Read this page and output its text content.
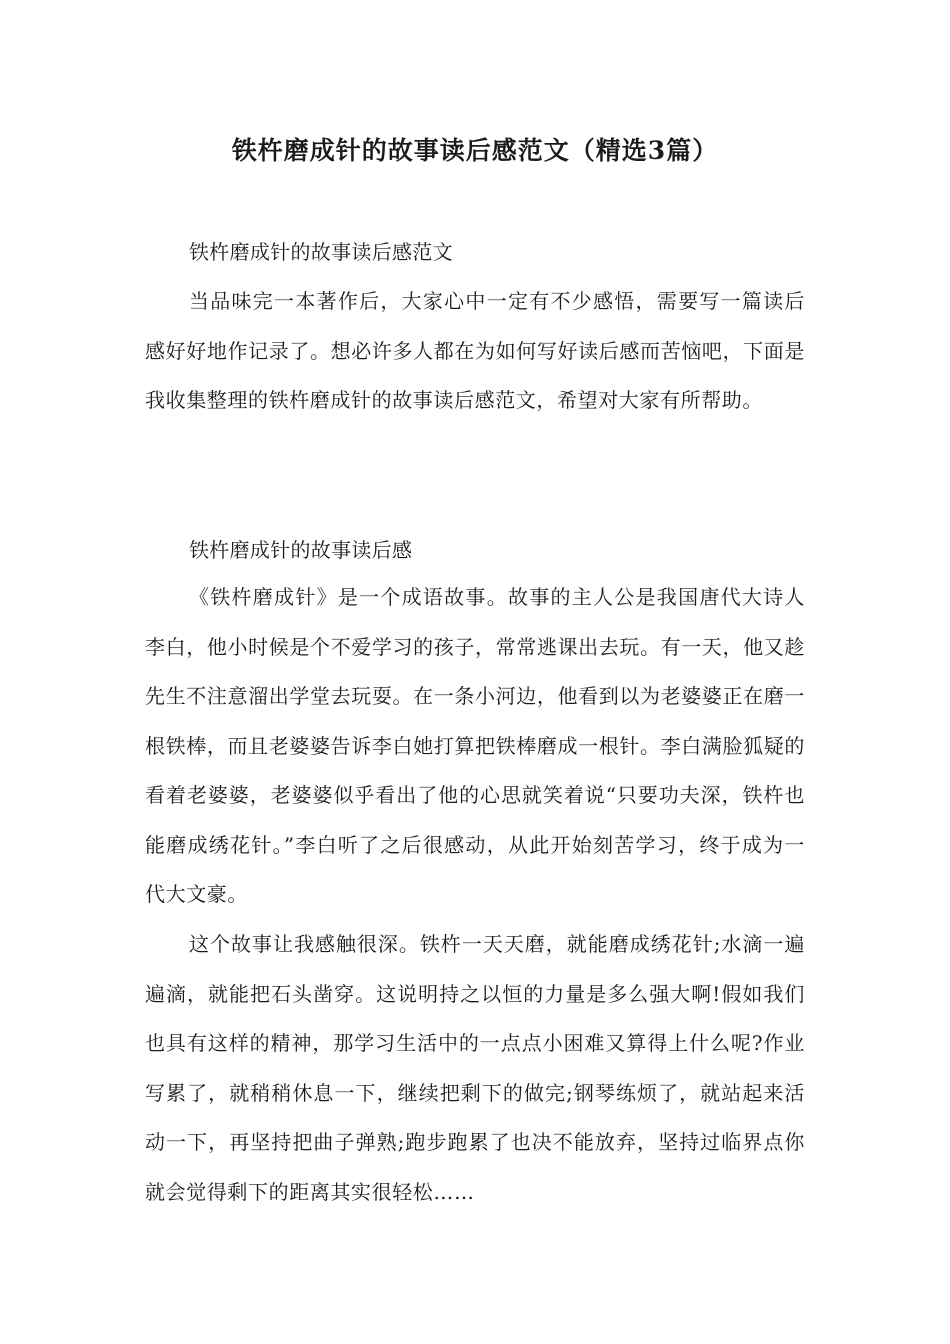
铁杵磨成针的故事读后感范文（精选3篇）

铁杵磨成针的故事读后感范文

当品味完一本著作后，大家心中一定有不少感悟，需要写一篇读后感好好地作记录了。想必许多人都在为如何写好读后感而苦恼吧，下面是我收集整理的铁杵磨成针的故事读后感范文，希望对大家有所帮助。

铁杵磨成针的故事读后感

《铁杵磨成针》是一个成语故事。故事的主人公是我国唐代大诗人李白，他小时候是个不爱学习的孩子，常常逃课出去玩。有一天，他又趁先生不注意溜出学堂去玩耍。在一条小河边，他看到以为老婆婆正在磨一根铁棒，而且老婆婆告诉李白她打算把铁棒磨成一根针。李白满脸狐疑的看着老婆婆，老婆婆似乎看出了他的心思就笑着说“只要功夫深，铁杵也能磨成绣花针。”李白听了之后很感动，从此开始刻苦学习，终于成为一代大文豪。

这个故事让我感触很深。铁杵一天天磨，就能磨成绣花针;水滴一遍遍滴，就能把石头凿穿。这说明持之以恒的力量是多么强大啊!假如我们也具有这样的精神，那学习生活中的一点点小困难又算得上什么呢?作业写累了，就稍稍休息一下，继续把剩下的做完;钢琴练烦了，就站起来活动一下，再坚持把曲子弹熟;跑步跑累了也决不能放弃，坚持过临界点你就会觉得剩下的距离其实很轻松……
